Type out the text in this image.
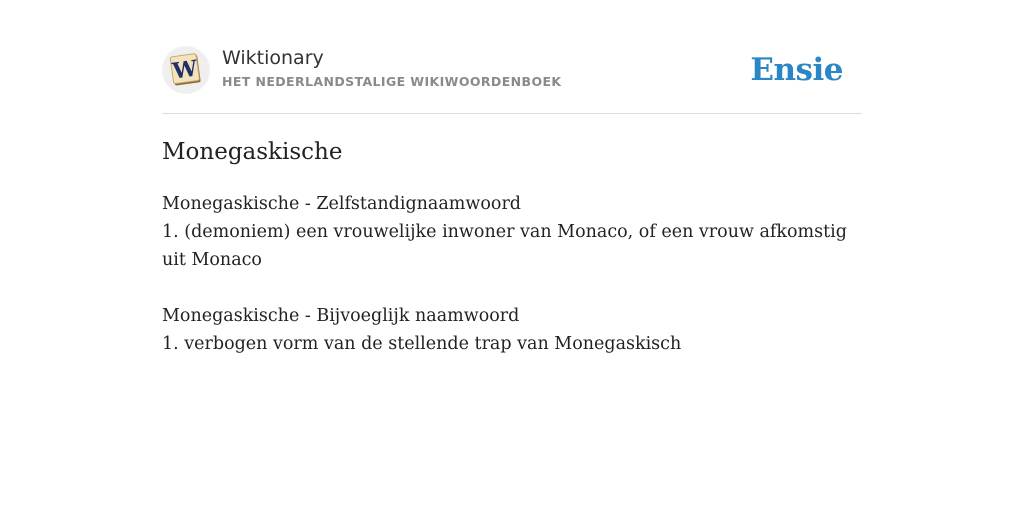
W Wiktionary
HET NEDERLANDSTALIGE WIKIWOORDENBOEK	Ensie
Monegaskische
Monegaskische - Zelfstandignaamwoord
1. (demoniem) een vrouwelijke inwoner van Monaco, of een vrouw afkomstig uit Monaco
Monegaskische - Bijvoeglijk naamwoord
1. verbogen vorm van de stellende trap van Monegaskisch
